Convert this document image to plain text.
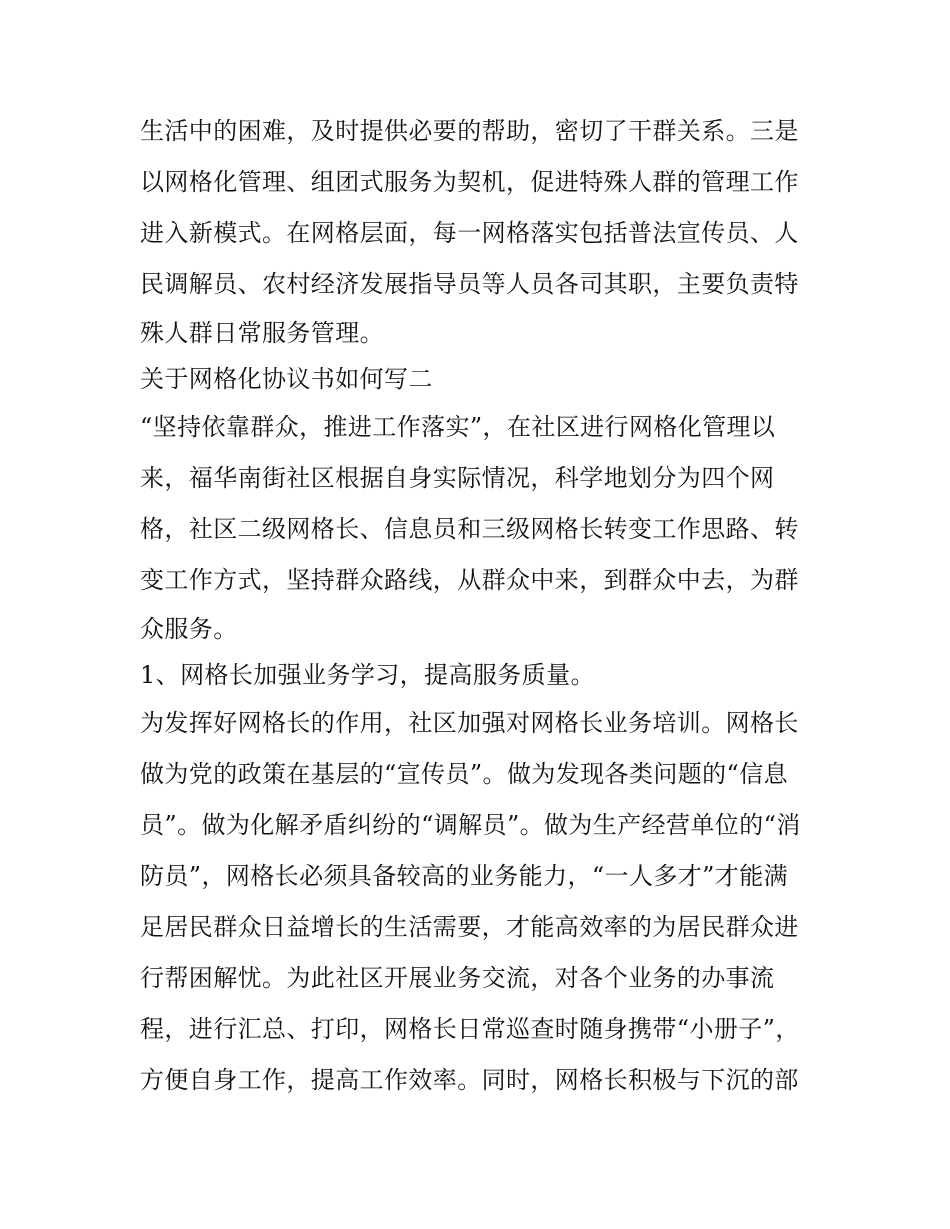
生活中的困难，及时提供必要的帮助，密切了干群关系。三是
以网格化管理、组团式服务为契机，促进特殊人群的管理工作
进入新模式。在网格层面，每一网格落实包括普法宣传员、人
民调解员、农村经济发展指导员等人员各司其职，主要负责特
殊人群日常服务管理。
关于网格化协议书如何写二
“坚持依靠群众，推进工作落实”，在社区进行网格化管理以
来，福华南街社区根据自身实际情况，科学地划分为四个网
格，社区二级网格长、信息员和三级网格长转变工作思路、转
变工作方式，坚持群众路线，从群众中来，到群众中去，为群
众服务。
1、网格长加强业务学习，提高服务质量。
为发挥好网格长的作用，社区加强对网格长业务培训。网格长
做为党的政策在基层的“宣传员”。做为发现各类问题的“信息
员”。做为化解矛盾纠纷的“调解员”。做为生产经营单位的“消
防员”，网格长必须具备较高的业务能力，“一人多才”才能满
足居民群众日益增长的生活需要，才能高效率的为居民群众进
行帮困解忧。为此社区开展业务交流，对各个业务的办事流
程，进行汇总、打印，网格长日常巡查时随身携带“小册子”，
方便自身工作，提高工作效率。同时，网格长积极与下沉的部
